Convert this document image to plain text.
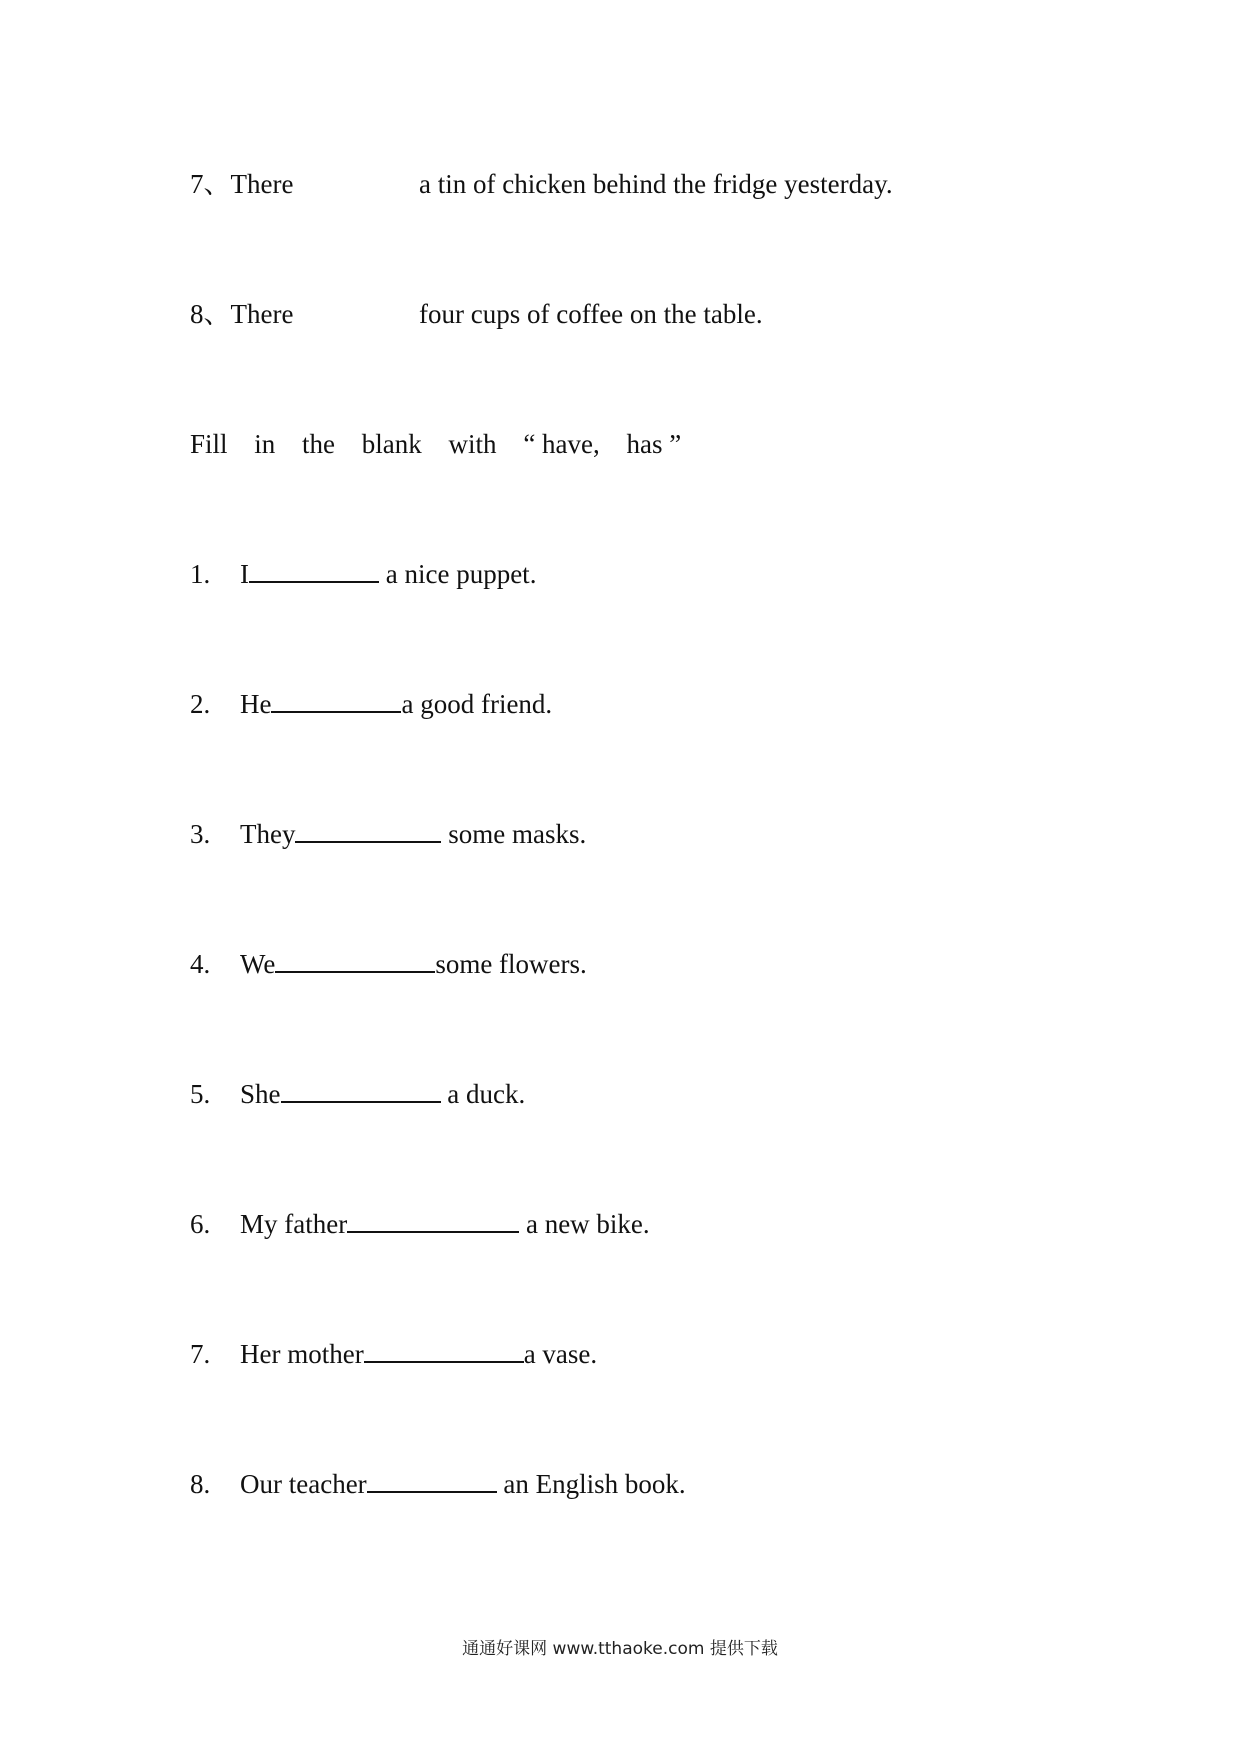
7、There	a tin of chicken behind the fridge yesterday.
8、There	four cups of coffee on the table.
Fill in the blank with “ have, has ”
1. I	a nice puppet.
2. He	a good friend.
3. They	some masks.
4. We	some flowers.
5. She	a duck.
6. My father	a new bike.
7. Her mother	a vase.
8. Our teacher	an English book.
通通好课网 www.tthaoke.com 提供下载
